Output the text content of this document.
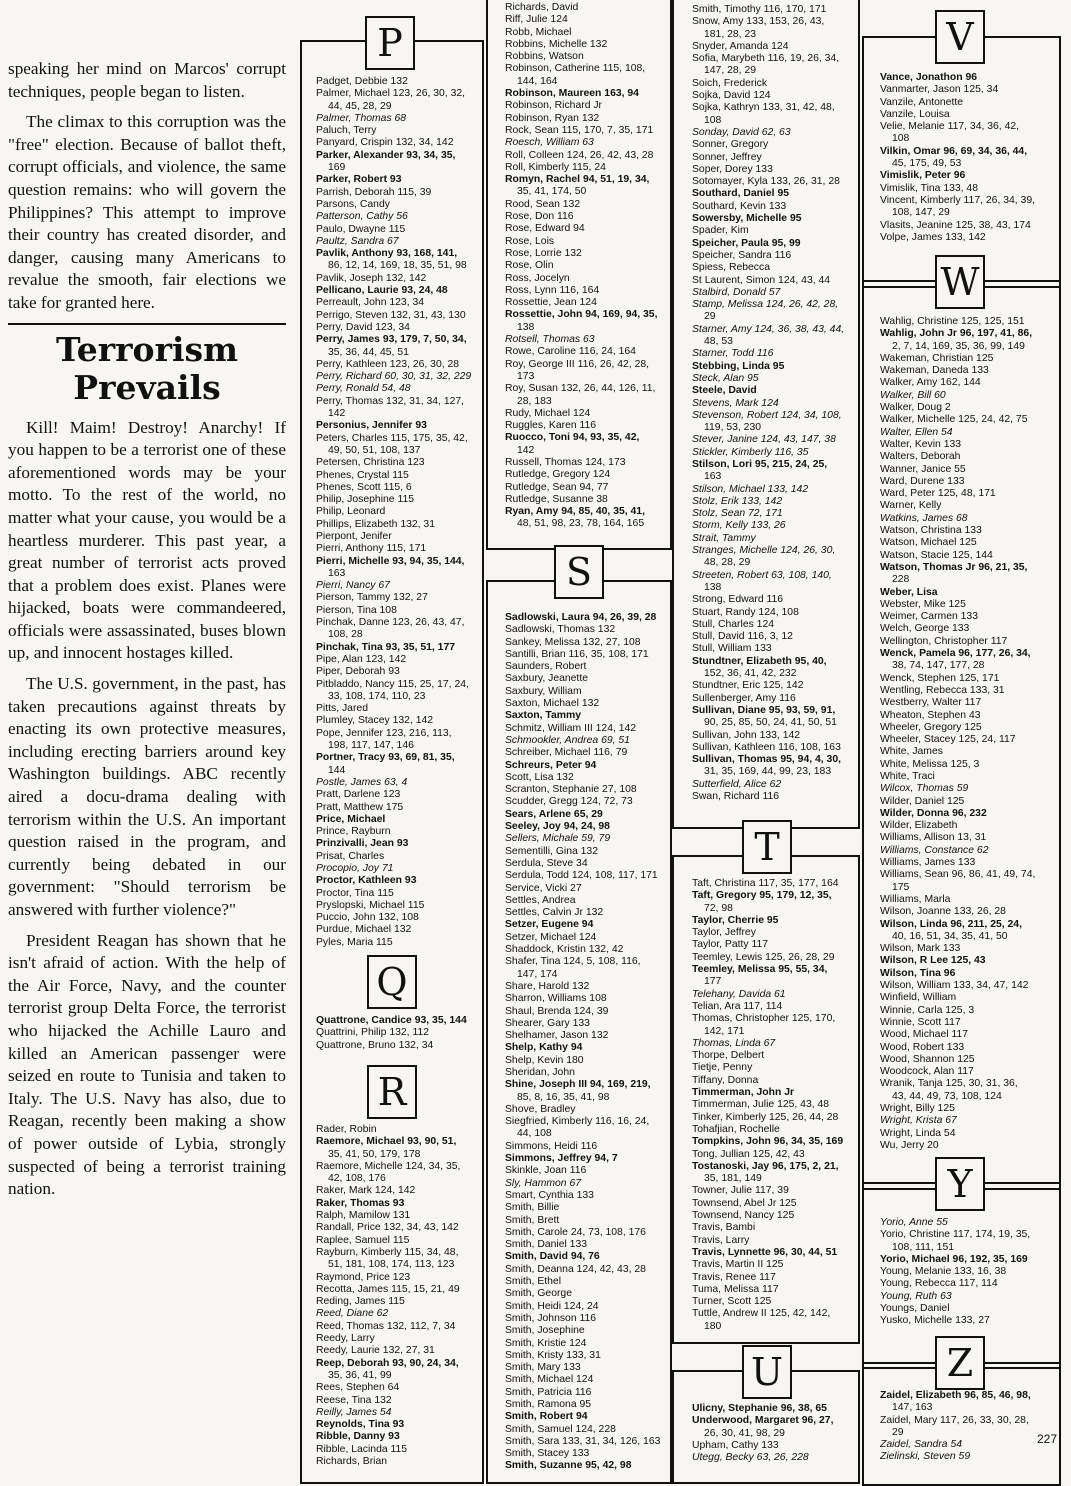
speaking her mind on Marcos' corrupt techniques, people began to listen.

The climax to this corruption was the "free" election. Because of ballot theft, corrupt officials, and violence, the same question remains: who will govern the Philippines? This attempt to improve their country has created disorder, and danger, causing many Americans to revalue the smooth, fair elections we take for granted here.

Terrorism Prevails

Kill! Maim! Destroy! Anarchy! If you happen to be a terrorist one of these aforementioned words may be your motto. To the rest of the world, no matter what your cause, you would be a heartless murderer. This past year, a great number of terrorist acts proved that a problem does exist. Planes were hijacked, boats were commandeered, officials were assassinated, buses blown up, and innocent hostages killed.

The U.S. government, in the past, has taken precautions against threats by enacting its own protective measures, including erecting barriers around key Washington buildings. ABC recently aired a docu-drama dealing with terrorism within the U.S. An important question raised in the program, and currently being debated in our government: "Should terrorism be answered with further violence?"

President Reagan has shown that he isn't afraid of action. With the help of the Air Force, Navy, and the counter terrorist group Delta Force, the terrorist who hijacked the Achille Lauro and killed an American passenger were seized en route to Tunisia and taken to Italy. The U.S. Navy has also, due to Reagan, recently been making a show of power outside of Lybia, strongly suspected of being a terrorist training nation.

P
Q
R
S
T
U
V
W
Y
Z
Padget, Debbie 132
Palmer, Michael 123, 26, 30, 32,
44, 45, 28, 29
Palmer, Thomas 68
Paluch, Terry
Panyard, Crispin 132, 34, 142
Parker, Alexander 93, 34, 35,
169
Parker, Robert 93
Parrish, Deborah 115, 39
Parsons, Candy
Patterson, Cathy 56
Paulo, Dwayne 115
Paultz, Sandra 67
Pavlik, Anthony 93, 168, 141,
86, 12, 14, 169, 18, 35, 51, 98
Pavlik, Joseph 132, 142
Pellicano, Laurie 93, 24, 48
Perreault, John 123, 34
Perrigo, Steven 132, 31, 43, 130
Perry, David 123, 34
Perry, James 93, 179, 7, 50, 34,
35, 36, 44, 45, 51
Perry, Kathleen 123, 26, 30, 28
Perry, Richard 60, 30, 31, 32, 229
Perry, Ronald 54, 48
Perry, Thomas 132, 31, 34, 127,
142
Personius, Jennifer 93
Peters, Charles 115, 175, 35, 42,
49, 50, 51, 108, 137
Petersen, Christina 123
Phenes, Crystal 115
Phenes, Scott 115, 6
Philip, Josephine 115
Philip, Leonard
Phillips, Elizabeth 132, 31
Pierpont, Jenifer
Pierri, Anthony 115, 171
Pierri, Michelle 93, 94, 35, 144,
163
Pierri, Nancy 67
Pierson, Tammy 132, 27
Pierson, Tina 108
Pinchak, Danne 123, 26, 43, 47,
108, 28
Pinchak, Tina 93, 35, 51, 177
Pipe, Alan 123, 142
Piper, Deborah 93
Pitbladdo, Nancy 115, 25, 17, 24,
33, 108, 174, 110, 23
Pitts, Jared
Plumley, Stacey 132, 142
Pope, Jennifer 123, 216, 113,
198, 117, 147, 146
Portner, Tracy 93, 69, 81, 35,
144
Postle, James 63, 4
Pratt, Darlene 123
Pratt, Matthew 175
Price, Michael
Prince, Rayburn
Prinzivalli, Jean 93
Prisat, Charles
Procopio, Joy 71
Proctor, Kathleen 93
Proctor, Tina 115
Pryslopski, Michael 115
Puccio, John 132, 108
Purdue, Michael 132
Pyles, Maria 115
Quattrone, Candice 93, 35, 144
Quattrini, Philip 132, 112
Quattrone, Bruno 132, 34
Rader, Robin
Raemore, Michael 93, 90, 51,
35, 41, 50, 179, 178
Raemore, Michelle 124, 34, 35,
42, 108, 176
Raker, Mark 124, 142
Raker, Thomas 93
Ralph, Mamilow 131
Randall, Price 132, 34, 43, 142
Raplee, Samuel 115
Rayburn, Kimberly 115, 34, 48,
51, 181, 108, 174, 113, 123
Raymond, Price 123
Recotta, James 115, 15, 21, 49
Reding, James 115
Reed, Diane 62
Reed, Thomas 132, 112, 7, 34
Reedy, Larry
Reedy, Laurie 132, 27, 31
Reep, Deborah 93, 90, 24, 34,
35, 36, 41, 99
Rees, Stephen 64
Reese, Tina 132
Reilly, James 54
Reynolds, Tina 93
Ribble, Danny 93
Ribble, Lacinda 115
Richards, Brian
Richards, David
Riff, Julie 124
Robb, Michael
Robbins, Michelle 132
Robbins, Watson
Robinson, Catherine 115, 108,
144, 164
Robinson, Maureen 163, 94
Robinson, Richard Jr
Robinson, Ryan 132
Rock, Sean 115, 170, 7, 35, 171
Roesch, William 63
Roll, Colleen 124, 26, 42, 43, 28
Roll, Kimberly 115, 24
Romyn, Rachel 94, 51, 19, 34,
35, 41, 174, 50
Rood, Sean 132
Rose, Don 116
Rose, Edward 94
Rose, Lois
Rose, Lorrie 132
Rose, Olin
Ross, Jocelyn
Ross, Lynn 116, 164
Rossettie, Jean 124
Rossettie, John 94, 169, 94, 35,
138
Rotsell, Thomas 63
Rowe, Caroline 116, 24, 164
Roy, George III 116, 26, 42, 28,
173
Roy, Susan 132, 26, 44, 126, 11,
28, 183
Rudy, Michael 124
Ruggles, Karen 116
Ruocco, Toni 94, 93, 35, 42,
142
Russell, Thomas 124, 173
Rutledge, Gregory 124
Rutledge, Sean 94, 77
Rutledge, Susanne 38
Ryan, Amy 94, 85, 40, 35, 41,
48, 51, 98, 23, 78, 164, 165
Sadlowski, Laura 94, 26, 39, 28
Sadlowski, Thomas 132
Sankey, Melissa 132, 27, 108
Santilli, Brian 116, 35, 108, 171
Saunders, Robert
Saxbury, Jeanette
Saxbury, William
Saxton, Michael 132
Saxton, Tammy
Schmitz, William III 124, 142
Schmookler, Andrea 69, 51
Schreiber, Michael 116, 79
Schreurs, Peter 94
Scott, Lisa 132
Scranton, Stephanie 27, 108
Scudder, Gregg 124, 72, 73
Sears, Arlene 65, 29
Seeley, Joy 94, 24, 98
Sellers, Michale 59, 79
Sementilli, Gina 132
Serdula, Steve 34
Serdula, Todd 124, 108, 117, 171
Service, Vicki 27
Settles, Andrea
Settles, Calvin Jr 132
Setzer, Eugene 94
Setzer, Michael 124
Shaddock, Kristin 132, 42
Shafer, Tina 124, 5, 108, 116,
147, 174
Share, Harold 132
Sharron, Williams 108
Shaul, Brenda 124, 39
Shearer, Gary 133
Shelhamer, Jason 132
Shelp, Kathy 94
Shelp, Kevin 180
Sheridan, John
Shine, Joseph III 94, 169, 219,
85, 8, 16, 35, 41, 98
Shove, Bradley
Siegfried, Kimberly 116, 16, 24,
44, 108
Simmons, Heidi 116
Simmons, Jeffrey 94, 7
Skinkle, Joan 116
Sly, Hammon 67
Smart, Cynthia 133
Smith, Billie
Smith, Brett
Smith, Carole 24, 73, 108, 176
Smith, Daniel 133
Smith, David 94, 76
Smith, Deanna 124, 42, 43, 28
Smith, Ethel
Smith, George
Smith, Heidi 124, 24
Smith, Johnson 116
Smith, Josephine
Smith, Kristie 124
Smith, Kristy 133, 31
Smith, Mary 133
Smith, Michael 124
Smith, Patricia 116
Smith, Ramona 95
Smith, Robert 94
Smith, Samuel 124, 228
Smith, Sara 133, 31, 34, 126, 163
Smith, Stacey 133
Smith, Suzanne 95, 42, 98
Smith, Timothy 116, 170, 171
Snow, Amy 133, 153, 26, 43,
181, 28, 23
Snyder, Amanda 124
Sofia, Marybeth 116, 19, 26, 34,
147, 28, 29
Soich, Frederick
Sojka, David 124
Sojka, Kathryn 133, 31, 42, 48,
108
Sonday, David 62, 63
Sonner, Gregory
Sonner, Jeffrey
Soper, Dorey 133
Sotomayer, Kyla 133, 26, 31, 28
Southard, Daniel 95
Southard, Kevin 133
Sowersby, Michelle 95
Spader, Kim
Speicher, Paula 95, 99
Speicher, Sandra 116
Spiess, Rebecca
St Laurent, Simon 124, 43, 44
Stalbird, Donald 57
Stamp, Melissa 124, 26, 42, 28,
29
Starner, Amy 124, 36, 38, 43, 44,
48, 53
Starner, Todd 116
Stebbing, Linda 95
Steck, Alan 95
Steele, David
Stevens, Mark 124
Stevenson, Robert 124, 34, 108,
119, 53, 230
Stever, Janine 124, 43, 147, 38
Stickler, Kimberly 116, 35
Stilson, Lori 95, 215, 24, 25,
163
Stilson, Michael 133, 142
Stolz, Erik 133, 142
Stolz, Sean 72, 171
Storm, Kelly 133, 26
Strait, Tammy
Stranges, Michelle 124, 26, 30,
48, 28, 29
Streeten, Robert 63, 108, 140,
138
Strong, Edward 116
Stuart, Randy 124, 108
Stull, Charles 124
Stull, David 116, 3, 12
Stull, William 133
Stundtner, Elizabeth 95, 40,
152, 36, 41, 42, 232
Stundtner, Eric 125, 142
Sullenberger, Amy 116
Sullivan, Diane 95, 93, 59, 91,
90, 25, 85, 50, 24, 41, 50, 51
Sullivan, John 133, 142
Sullivan, Kathleen 116, 108, 163
Sullivan, Thomas 95, 94, 4, 30,
31, 35, 169, 44, 99, 23, 183
Sutterfield, Alice 62
Swan, Richard 116
Taft, Christina 117, 35, 177, 164
Taft, Gregory 95, 179, 12, 35,
72, 98
Taylor, Cherrie 95
Taylor, Jeffrey
Taylor, Patty 117
Teemley, Lewis 125, 26, 28, 29
Teemley, Melissa 95, 55, 34,
177
Telehany, Davida 61
Telian, Ara 117, 114
Thomas, Christopher 125, 170,
142, 171
Thomas, Linda 67
Thorpe, Delbert
Tietje, Penny
Tiffany, Donna
Timmerman, John Jr
Timmerman, Julie 125, 43, 48
Tinker, Kimberly 125, 26, 44, 28
Tohafjian, Rochelle
Tompkins, John 96, 34, 35, 169
Tong, Jullian 125, 42, 43
Tostanoski, Jay 96, 175, 2, 21,
35, 181, 149
Towner, Julie 117, 39
Townsend, Abel Jr 125
Townsend, Nancy 125
Travis, Bambi
Travis, Larry
Travis, Lynnette 96, 30, 44, 51
Travis, Martin II 125
Travis, Renee 117
Tuma, Melissa 117
Turner, Scott 125
Tuttle, Andrew II 125, 42, 142,
180
Ulicny, Stephanie 96, 38, 65
Underwood, Margaret 96, 27,
26, 30, 41, 98, 29
Upham, Cathy 133
Utegg, Becky 63, 26, 228
Vance, Jonathon 96
Vanmarter, Jason 125, 34
Vanzile, Antonette
Vanzile, Louisa
Velie, Melanie 117, 34, 36, 42,
108
Vilkin, Omar 96, 69, 34, 36, 44,
45, 175, 49, 53
Vimislik, Peter 96
Vimislik, Tina 133, 48
Vincent, Kimberly 117, 26, 34, 39,
108, 147, 29
Vlasits, Jeanine 125, 38, 43, 174
Volpe, James 133, 142
Wahlig, Christine 125, 125, 151
Wahlig, John Jr 96, 197, 41, 86,
2, 7, 14, 169, 35, 36, 99, 149
Wakeman, Christian 125
Wakeman, Daneda 133
Walker, Amy 162, 144
Walker, Bill 60
Walker, Doug 2
Walker, Michelle 125, 24, 42, 75
Walter, Ellen 54
Walter, Kevin 133
Walters, Deborah
Wanner, Janice 55
Ward, Durene 133
Ward, Peter 125, 48, 171
Warner, Kelly
Watkins, James 68
Watson, Christina 133
Watson, Michael 125
Watson, Stacie 125, 144
Watson, Thomas Jr 96, 21, 35,
228
Weber, Lisa
Webster, Mike 125
Weimer, Carmen 133
Welch, George 133
Wellington, Christopher 117
Wenck, Pamela 96, 177, 26, 34,
38, 74, 147, 177, 28
Wenck, Stephen 125, 171
Wentling, Rebecca 133, 31
Westberry, Walter 117
Wheaton, Stephen 43
Wheeler, Gregory 125
Wheeler, Stacey 125, 24, 117
White, James
White, Melissa 125, 3
White, Traci
Wilcox, Thomas 59
Wilder, Daniel 125
Wilder, Donna 96, 232
Wilder, Elizabeth
Williams, Allison 13, 31
Williams, Constance 62
Williams, James 133
Williams, Sean 96, 86, 41, 49, 74,
175
Williams, Marla
Wilson, Joanne 133, 26, 28
Wilson, Linda 96, 211, 25, 24,
40, 16, 51, 34, 35, 41, 50
Wilson, Mark 133
Wilson, R Lee 125, 43
Wilson, Tina 96
Wilson, William 133, 34, 47, 142
Winfield, William
Winnie, Carla 125, 3
Winnie, Scott 117
Wood, Michael 117
Wood, Robert 133
Wood, Shannon 125
Woodcock, Alan 117
Wranik, Tanja 125, 30, 31, 36,
43, 44, 49, 73, 108, 124
Wright, Billy 125
Wright, Krista 67
Wright, Linda 54
Wu, Jerry 20
Yorio, Anne 55
Yorio, Christine 117, 174, 19, 35,
108, 111, 151
Yorio, Michael 96, 192, 35, 169
Young, Melanie 133, 16, 38
Young, Rebecca 117, 114
Young, Ruth 63
Youngs, Daniel
Yusko, Michelle 133, 27
Zaidel, Elizabeth 96, 85, 46, 98,
147, 163
Zaidel, Mary 117, 26, 33, 30, 28,
29
Zaidel, Sandra 54
Zielinski, Steven 59
227
